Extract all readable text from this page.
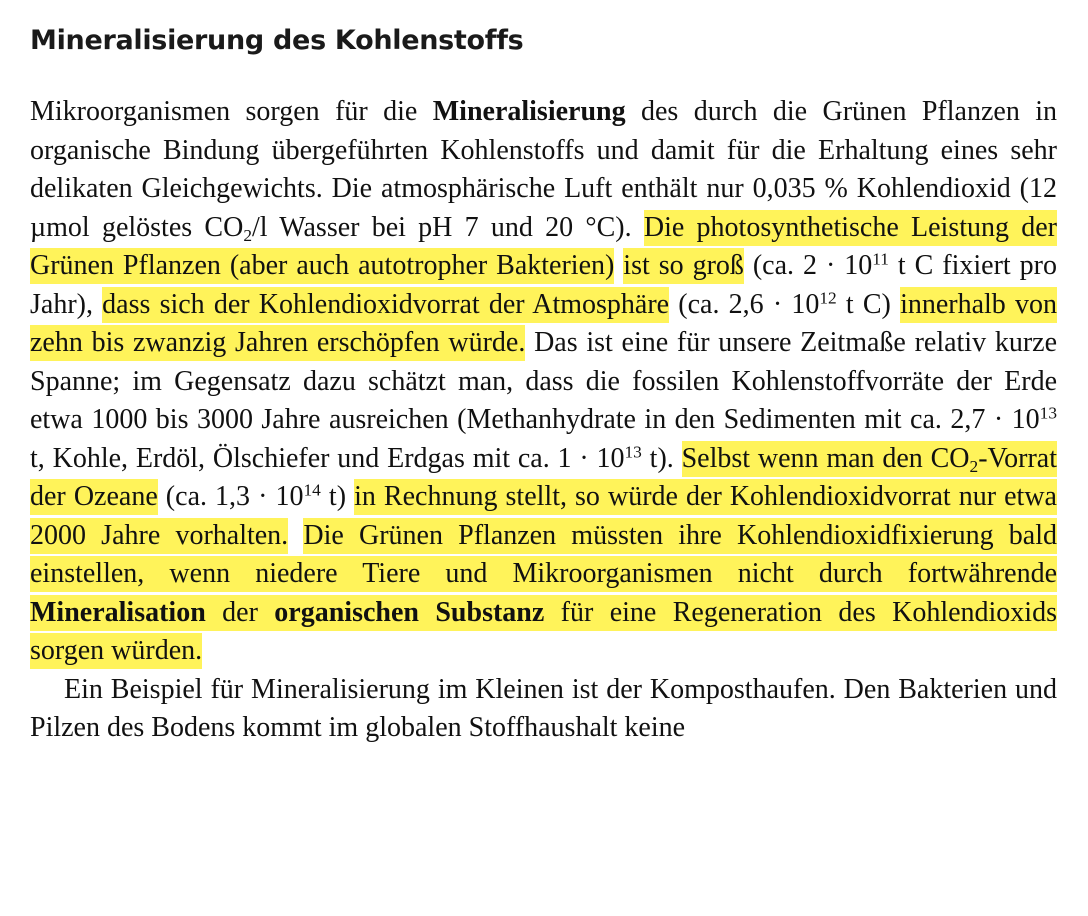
Mineralisierung des Kohlenstoffs

Mikroorganismen sorgen für die Mineralisierung des durch die Grünen Pflanzen in organische Bindung übergeführten Kohlenstoffs und damit für die Erhaltung eines sehr delikaten Gleichgewichts. Die atmosphärische Luft enthält nur 0,035 % Kohlendioxid (12 µmol gelöstes $CO_2/l$ Wasser bei pH 7 und 20 °C). Die photosynthetische Leistung der Grünen Pflanzen (aber auch autotropher Bakterien) ist so groß (ca. $2 \cdot 10^{11}$ t C fixiert pro Jahr), dass sich der Kohlendioxidvorrat der Atmosphäre (ca. $2,6 \cdot 10^{12}$ t C) innerhalb von zehn bis zwanzig Jahren erschöpfen würde. Das ist eine für unsere Zeitmaße relativ kurze Spanne; im Gegensatz dazu schätzt man, dass die fossilen Kohlenstoffvorräte der Erde etwa 1000 bis 3000 Jahre ausreichen (Methanhydrate in den Sedimenten mit ca. $2,7 \cdot 10^{13}$ t, Kohle, Erdöl, Ölschiefer und Erdgas mit ca. $1 \cdot 10^{13}$ t). Selbst wenn man den $CO_2$-Vorrat der Ozeane (ca. $1,3 \cdot 10^{14}$ t) in Rechnung stellt, so würde der Kohlendioxidvorrat nur etwa 2000 Jahre vorhalten. Die Grünen Pflanzen müssten ihre Kohlendioxidfixierung bald einstellen, wenn niedere Tiere und Mikroorganismen nicht durch fortwährende Mineralisation der organischen Substanz für eine Regeneration des Kohlendioxids sorgen würden.

Ein Beispiel für Mineralisierung im Kleinen ist der Komposthaufen. Den Bakterien und Pilzen des Bodens kommt im globalen Stoffhaushalt keine
